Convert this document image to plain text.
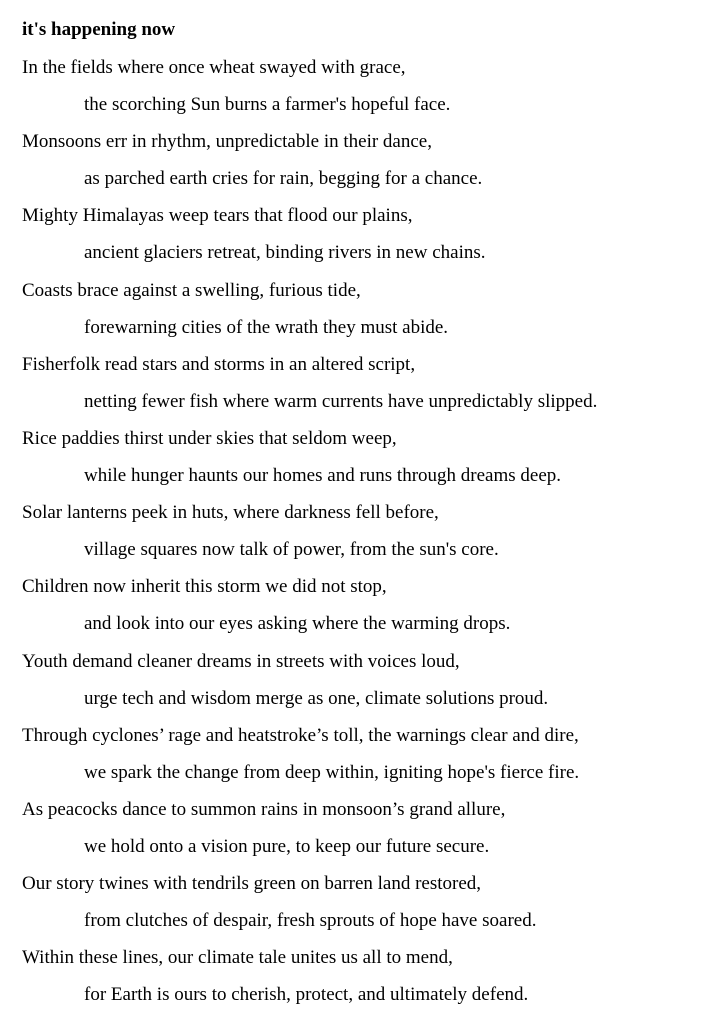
it's happening now
In the fields where once wheat swayed with grace,
the scorching Sun burns a farmer's hopeful face.
Monsoons err in rhythm, unpredictable in their dance,
as parched earth cries for rain, begging for a chance.
Mighty Himalayas weep tears that flood our plains,
ancient glaciers retreat, binding rivers in new chains.
Coasts brace against a swelling, furious tide,
forewarning cities of the wrath they must abide.
Fisherfolk read stars and storms in an altered script,
netting fewer fish where warm currents have unpredictably slipped.
Rice paddies thirst under skies that seldom weep,
while hunger haunts our homes and runs through dreams deep.
Solar lanterns peek in huts, where darkness fell before,
village squares now talk of power, from the sun's core.
Children now inherit this storm we did not stop,
and look into our eyes asking where the warming drops.
Youth demand cleaner dreams in streets with voices loud,
urge tech and wisdom merge as one, climate solutions proud.
Through cyclones’ rage and heatstroke’s toll, the warnings clear and dire,
we spark the change from deep within, igniting hope's fierce fire.
As peacocks dance to summon rains in monsoon’s grand allure,
we hold onto a vision pure, to keep our future secure.
Our story twines with tendrils green on barren land restored,
from clutches of despair, fresh sprouts of hope have soared.
Within these lines, our climate tale unites us all to mend,
for Earth is ours to cherish, protect, and ultimately defend.
